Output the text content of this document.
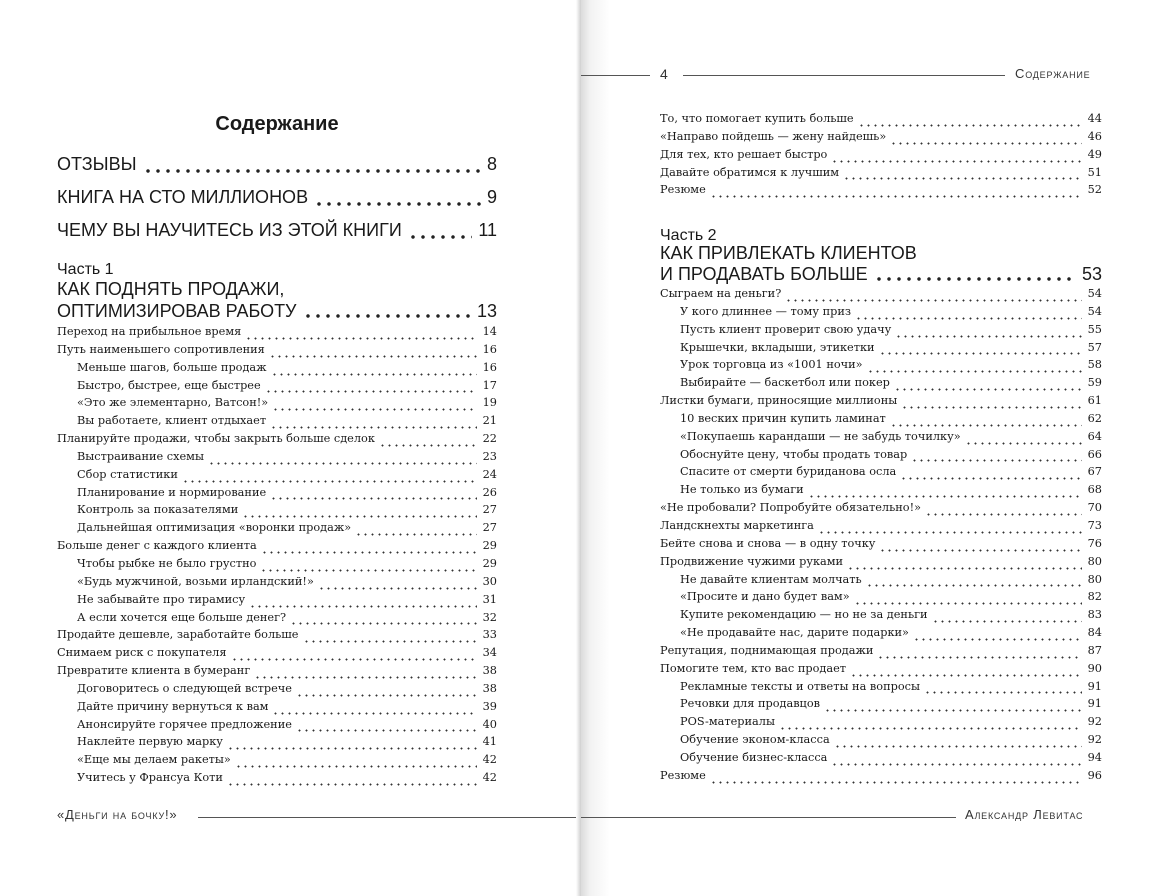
Содержание
ОТЗЫВЫ	8
КНИГА НА СТО МИЛЛИОНОВ	9
ЧЕМУ ВЫ НАУЧИТЕСЬ ИЗ ЭТОЙ КНИГИ	11
Часть 1
КАК ПОДНЯТЬ ПРОДАЖИ,
ОПТИМИЗИРОВАВ РАБОТУ	13
Переход на прибыльное время	14
Путь наименьшего сопротивления	16
Меньше шагов, больше продаж	16
Быстро, быстрее, еще быстрее	17
«Это же элементарно, Ватсон!»	19
Вы работаете, клиент отдыхает	21
Планируйте продажи, чтобы закрыть больше сделок	22
Выстраивание схемы	23
Сбор статистики	24
Планирование и нормирование	26
Контроль за показателями	27
Дальнейшая оптимизация «воронки продаж»	27
Больше денег с каждого клиента	29
Чтобы рыбке не было грустно	29
«Будь мужчиной, возьми ирландский!»	30
Не забывайте про тирамису	31
А если хочется еще больше денег?	32
Продайте дешевле, заработайте больше	33
Снимаем риск с покупателя	34
Превратите клиента в бумеранг	38
Договоритесь о следующей встрече	38
Дайте причину вернуться к вам	39
Анонсируйте горячее предложение	40
Наклейте первую марку	41
«Еще мы делаем ракеты»	42
Учитесь у Франсуа Коти	42
«Деньги на бочку!»
4	Содержание
То, что помогает купить больше	44
«Направо пойдешь — жену найдешь»	46
Для тех, кто решает быстро	49
Давайте обратимся к лучшим	51
Резюме	52
Часть 2
КАК ПРИВЛЕКАТЬ КЛИЕНТОВ
И ПРОДАВАТЬ БОЛЬШЕ	53
Сыграем на деньги?	54
У кого длиннее — тому приз	54
Пусть клиент проверит свою удачу	55
Крышечки, вкладыши, этикетки	57
Урок торговца из «1001 ночи»	58
Выбирайте — баскетбол или покер	59
Листки бумаги, приносящие миллионы	61
10 веских причин купить ламинат	62
«Покупаешь карандаши — не забудь точилку»	64
Обоснуйте цену, чтобы продать товар	66
Спасите от смерти буриданова осла	67
Не только из бумаги	68
«Не пробовали? Попробуйте обязательно!»	70
Ландскнехты маркетинга	73
Бейте снова и снова — в одну точку	76
Продвижение чужими руками	80
Не давайте клиентам молчать	80
«Просите и дано будет вам»	82
Купите рекомендацию — но не за деньги	83
«Не продавайте нас, дарите подарки»	84
Репутация, поднимающая продажи	87
Помогите тем, кто вас продает	90
Рекламные тексты и ответы на вопросы	91
Речовки для продавцов	91
POS-материалы	92
Обучение эконом-класса	92
Обучение бизнес-класса	94
Резюме	96
Александр Левитас
